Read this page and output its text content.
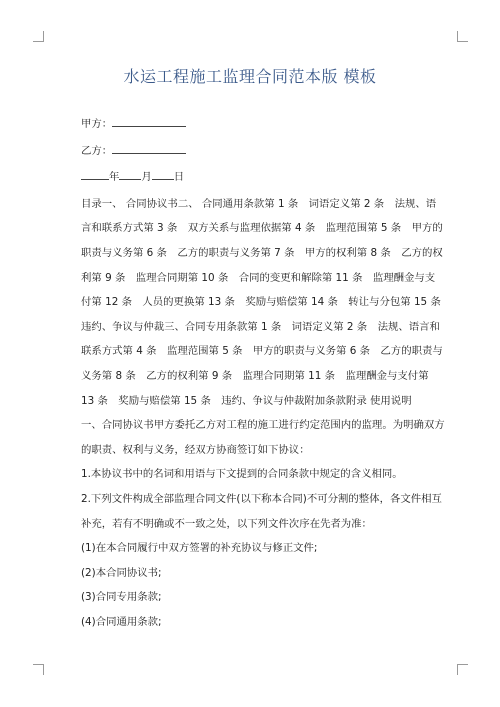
水运工程施工监理合同范本版 模板

甲方：

乙方：

年 月 日

目录一、 合同协议书二、 合同通用条款第 1 条　词语定义第 2 条　法规、语言和联系方式第 3 条　双方关系与监理依据第 4 条　监理范围第 5 条　甲方的职责与义务第 6 条　乙方的职责与义务第 7 条　甲方的权利第 8 条　乙方的权利第 9 条　监理合同期第 10 条　合同的变更和解除第 11 条　监理酬金与支付第 12 条　人员的更换第 13 条　奖励与赔偿第 14 条　转让与分包第 15 条　违约、争议与仲裁三、合同专用条款第 1 条　词语定义第 2 条　法规、语言和联系方式第 4 条　监理范围第 5 条　甲方的职责与义务第 6 条　乙方的职责与义务第 8 条　乙方的权利第 9 条　监理合同期第 11 条　监理酬金与支付第 13 条　奖励与赔偿第 15 条　违约、争议与仲裁附加条款附录 使用说明

一、合同协议书甲方委托乙方对工程的施工进行约定范围内的监理。为明确双方的职责、权利与义务，经双方协商签订如下协议：

1.本协议书中的名词和用语与下文提到的合同条款中规定的含义相同。

2.下列文件构成全部监理合同文件(以下称本合同)不可分割的整体，各文件相互补充，若有不明确或不一致之处，以下列文件次序在先者为准：

(1)在本合同履行中双方签署的补充协议与修正文件;

(2)本合同协议书;

(3)合同专用条款;

(4)合同通用条款;
